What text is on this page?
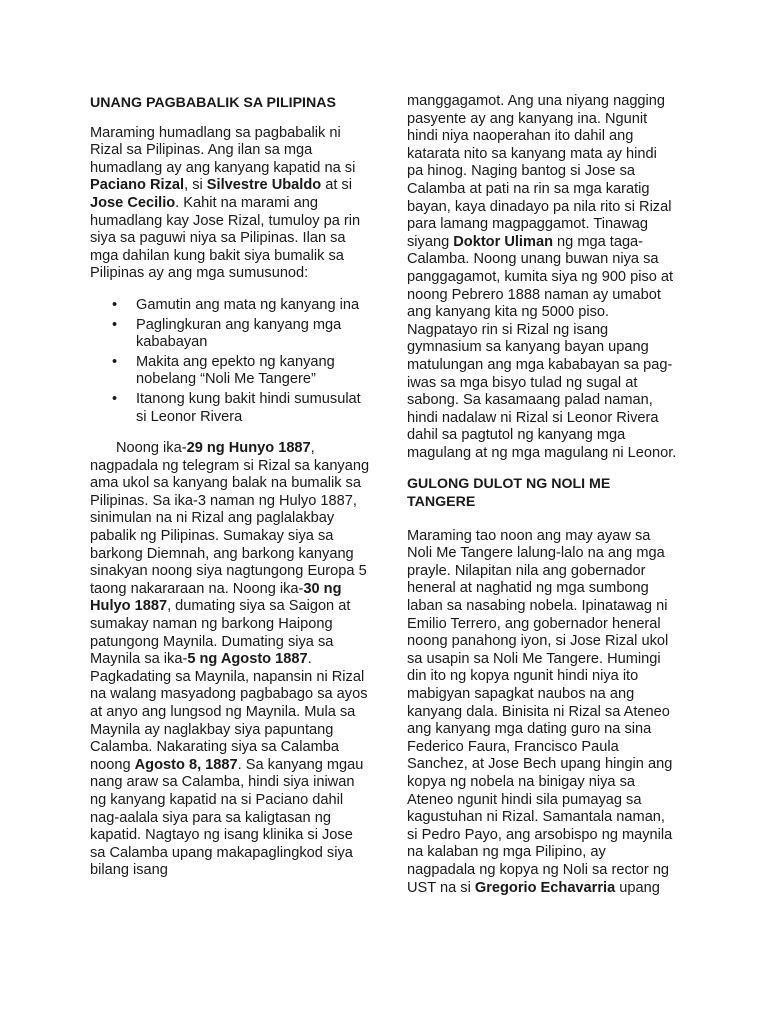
UNANG PAGBABALIK SA PILIPINAS

Maraming humadlang sa pagbabalik ni Rizal sa Pilipinas. Ang ilan sa mga humadlang ay ang kanyang kapatid na si Paciano Rizal, si Silvestre Ubaldo at si Jose Cecilio. Kahit na marami ang humadlang kay Jose Rizal, tumuloy pa rin siya sa paguwi niya sa Pilipinas. Ilan sa mga dahilan kung bakit siya bumalik sa Pilipinas ay ang mga sumusunod:

• Gamutin ang mata ng kanyang ina
• Paglingkuran ang kanyang mga kababayan
• Makita ang epekto ng kanyang nobelang “Noli Me Tangere”
• Itanong kung bakit hindi sumusulat si Leonor Rivera

Noong ika-29 ng Hunyo 1887, nagpadala ng telegram si Rizal sa kanyang ama ukol sa kanyang balak na bumalik sa Pilipinas. Sa ika-3 naman ng Hulyo 1887, sinimulan na ni Rizal ang paglalakbay pabalik ng Pilipinas. Sumakay siya sa barkong Diemnah, ang barkong kanyang sinakyan noong siya nagtungong Europa 5 taong nakararaan na. Noong ika-30 ng Hulyo 1887, dumating siya sa Saigon at sumakay naman ng barkong Haipong patungong Maynila. Dumating siya sa Maynila sa ika-5 ng Agosto 1887. Pagkadating sa Maynila, napansin ni Rizal na walang masyadong pagbabago sa ayos at anyo ang lungsod ng Maynila. Mula sa Maynila ay naglakbay siya papuntang Calamba. Nakarating siya sa Calamba noong Agosto 8, 1887. Sa kanyang mgau nang araw sa Calamba, hindi siya iniwan ng kanyang kapatid na si Paciano dahil nag-aalala siya para sa kaligtasan ng kapatid. Nagtayo ng isang klinika si Jose sa Calamba upang makapaglingkod siya bilang isang

manggagamot. Ang una niyang nagging pasyente ay ang kanyang ina. Ngunit hindi niya naoperahan ito dahil ang katarata nito sa kanyang mata ay hindi pa hinog. Naging bantog si Jose sa Calamba at pati na rin sa mga karatig bayan, kaya dinadayo pa nila rito si Rizal para lamang magpaggamot. Tinawag siyang Doktor Uliman ng mga taga-Calamba. Noong unang buwan niya sa panggagamot, kumita siya ng 900 piso at noong Pebrero 1888 naman ay umabot ang kanyang kita ng 5000 piso. Nagpatayo rin si Rizal ng isang gymnasium sa kanyang bayan upang matulungan ang mga kababayan sa pag-iwas sa mga bisyo tulad ng sugal at sabong. Sa kasamaang palad naman, hindi nadalaw ni Rizal si Leonor Rivera dahil sa pagtutol ng kanyang mga magulang at ng mga magulang ni Leonor.

GULONG DULOT NG NOLI ME TANGERE

Maraming tao noon ang may ayaw sa Noli Me Tangere lalung-lalo na ang mga prayle. Nilapitan nila ang gobernador heneral at naghatid ng mga sumbong laban sa nasabing nobela. Ipinatawag ni Emilio Terrero, ang gobernador heneral noong panahong iyon, si Jose Rizal ukol sa usapin sa Noli Me Tangere. Humingi din ito ng kopya ngunit hindi niya ito mabigyan sapagkat naubos na ang kanyang dala. Binisita ni Rizal sa Ateneo ang kanyang mga dating guro na sina Federico Faura, Francisco Paula Sanchez, at Jose Bech upang hingin ang kopya ng nobela na binigay niya sa Ateneo ngunit hindi sila pumayag sa kagustuhan ni Rizal. Samantala naman, si Pedro Payo, ang arsobispo ng maynila na kalaban ng mga Pilipino, ay nagpadala ng kopya ng Noli sa rector ng UST na si Gregorio Echavarria upang
